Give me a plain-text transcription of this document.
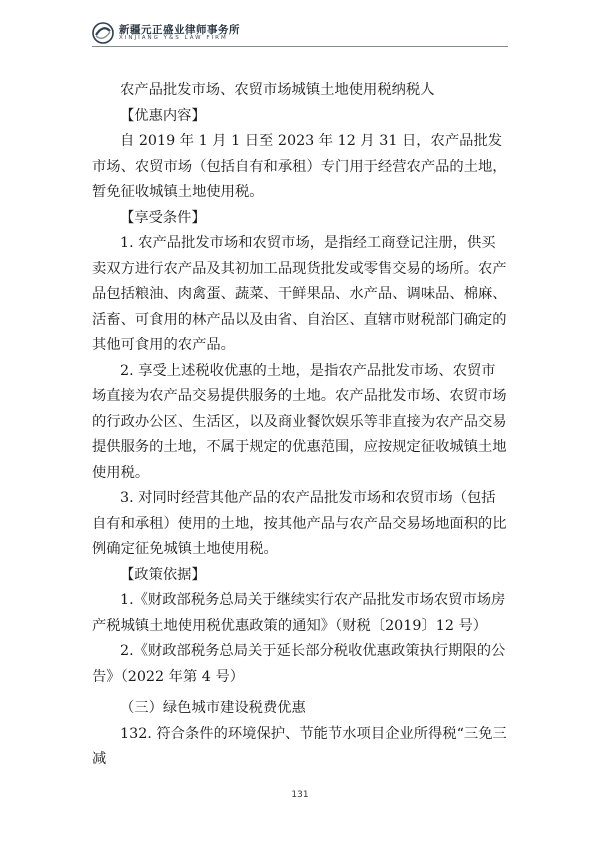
新疆元正盛业律师事务所
XINJIANG Y&S LAW FIRM

农产品批发市场、农贸市场城镇土地使用税纳税人

【优惠内容】

自 2019 年 1 月 1 日至 2023 年 12 月 31 日，农产品批发市场、农贸市场（包括自有和承租）专门用于经营农产品的土地，暂免征收城镇土地使用税。

【享受条件】

1. 农产品批发市场和农贸市场，是指经工商登记注册，供买卖双方进行农产品及其初加工品现货批发或零售交易的场所。农产品包括粮油、肉禽蛋、蔬菜、干鲜果品、水产品、调味品、棉麻、活畜、可食用的林产品以及由省、自治区、直辖市财税部门确定的其他可食用的农产品。

2. 享受上述税收优惠的土地，是指农产品批发市场、农贸市场直接为农产品交易提供服务的土地。农产品批发市场、农贸市场的行政办公区、生活区，以及商业餐饮娱乐等非直接为农产品交易提供服务的土地，不属于规定的优惠范围，应按规定征收城镇土地使用税。

3. 对同时经营其他产品的农产品批发市场和农贸市场（包括自有和承租）使用的土地，按其他产品与农产品交易场地面积的比例确定征免城镇土地使用税。

【政策依据】

1.《财政部税务总局关于继续实行农产品批发市场农贸市场房产税城镇土地使用税优惠政策的通知》（财税〔2019〕12 号）

2.《财政部税务总局关于延长部分税收优惠政策执行期限的公告》（2022 年第 4 号）

（三）绿色城市建设税费优惠

132. 符合条件的环境保护、节能节水项目企业所得税“三免三减

131
